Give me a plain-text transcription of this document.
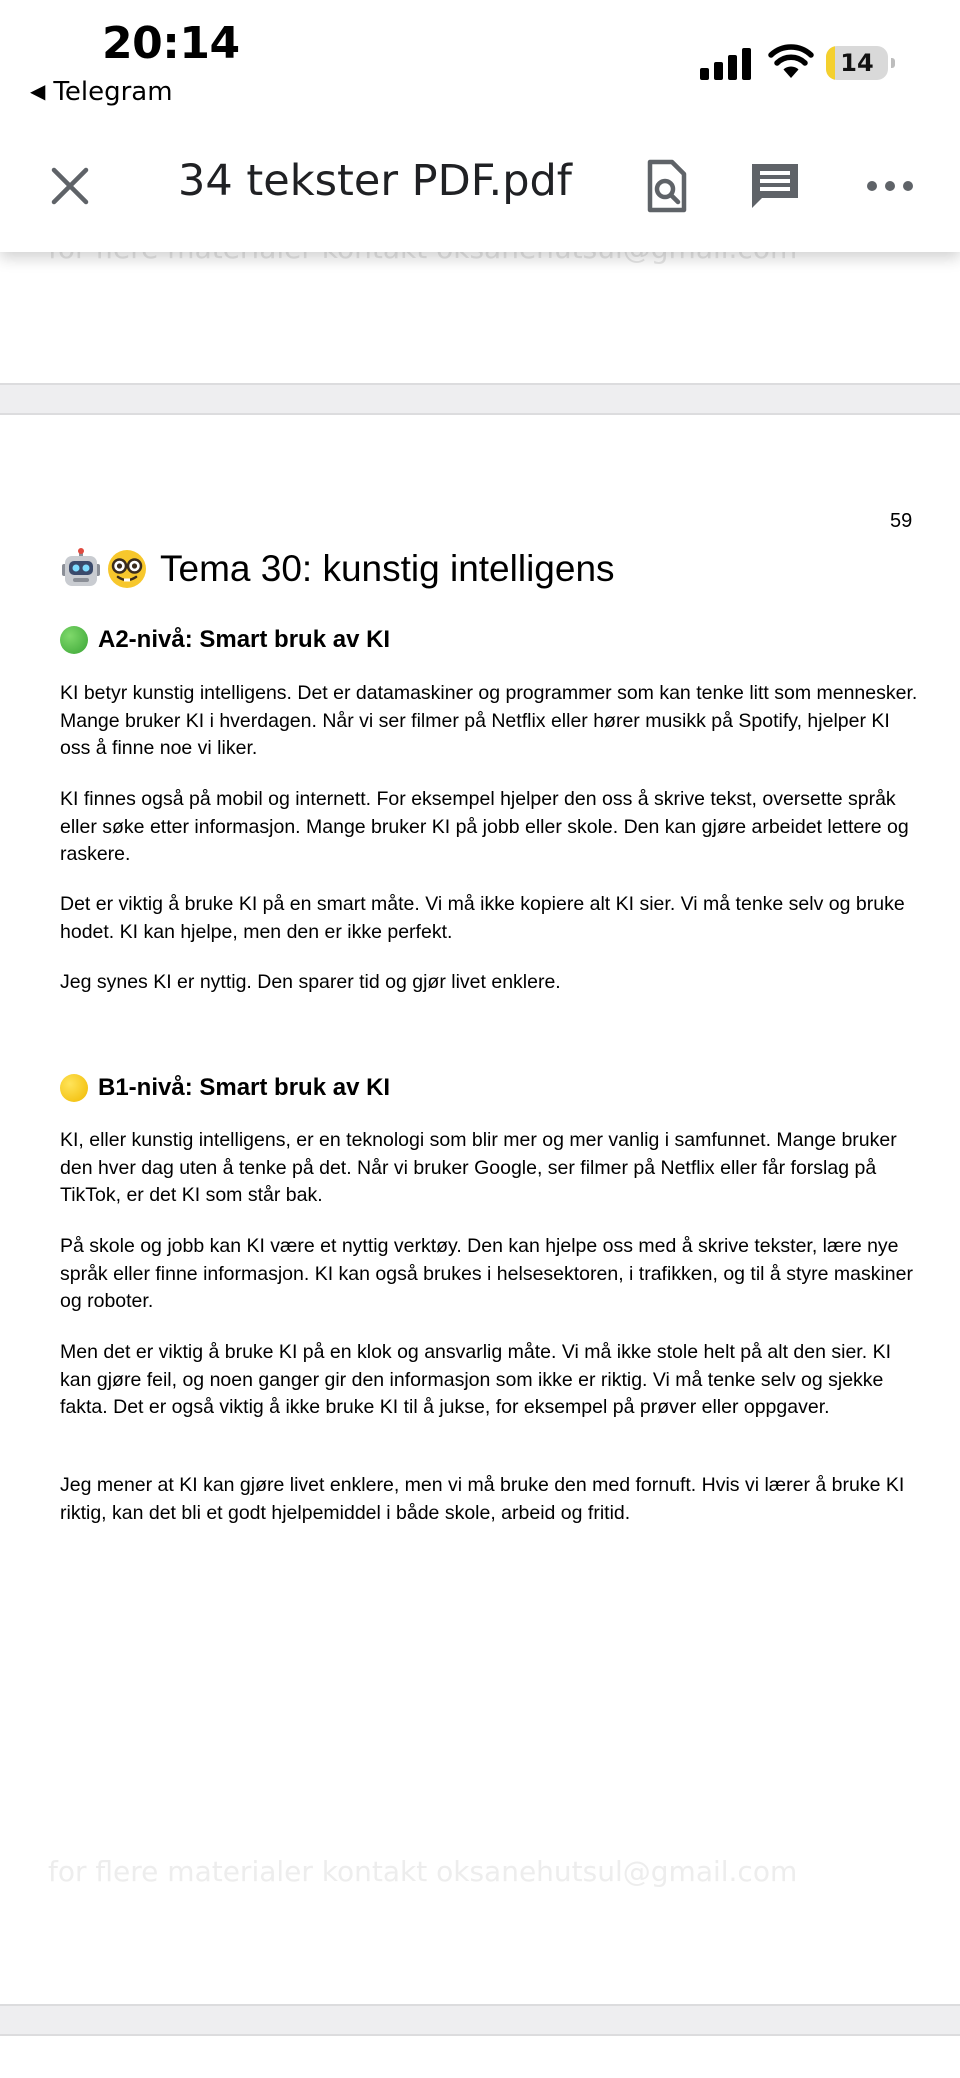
20:14
◀ Telegram
14
34 tekster PDF.pdf
59
Tema 30: kunstig intelligens
A2-nivå: Smart bruk av KI

KI betyr kunstig intelligens. Det er datamaskiner og programmer som kan tenke litt som mennesker. Mange bruker KI i hverdagen. Når vi ser filmer på Netflix eller hører musikk på Spotify, hjelper KI oss å finne noe vi liker.

KI finnes også på mobil og internett. For eksempel hjelper den oss å skrive tekst, oversette språk eller søke etter informasjon. Mange bruker KI på jobb eller skole. Den kan gjøre arbeidet lettere og raskere.

Det er viktig å bruke KI på en smart måte. Vi må ikke kopiere alt KI sier. Vi må tenke selv og bruke hodet. KI kan hjelpe, men den er ikke perfekt.

Jeg synes KI er nyttig. Den sparer tid og gjør livet enklere.

B1-nivå: Smart bruk av KI

KI, eller kunstig intelligens, er en teknologi som blir mer og mer vanlig i samfunnet. Mange bruker den hver dag uten å tenke på det. Når vi bruker Google, ser filmer på Netflix eller får forslag på TikTok, er det KI som står bak.

På skole og jobb kan KI være et nyttig verktøy. Den kan hjelpe oss med å skrive tekster, lære nye språk eller finne informasjon. KI kan også brukes i helsesektoren, i trafikken, og til å styre maskiner og roboter.

Men det er viktig å bruke KI på en klok og ansvarlig måte. Vi må ikke stole helt på alt den sier. KI kan gjøre feil, og noen ganger gir den informasjon som ikke er riktig. Vi må tenke selv og sjekke fakta. Det er også viktig å ikke bruke KI til å jukse, for eksempel på prøver eller oppgaver.

Jeg mener at KI kan gjøre livet enklere, men vi må bruke den med fornuft. Hvis vi lærer å bruke KI riktig, kan det bli et godt hjelpemiddel i både skole, arbeid og fritid.

for flere materialer kontakt oksanehutsul@gmail.com
